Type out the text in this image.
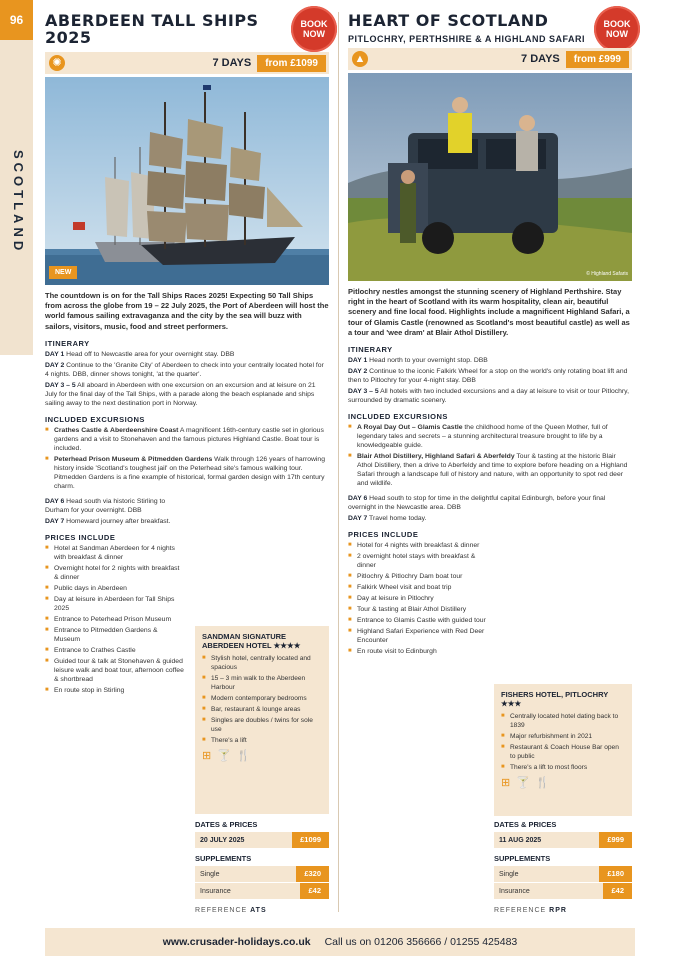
96
SCOTLAND
ABERDEEN TALL SHIPS 2025
BOOK
NOW
✺	7 DAYS	from £1099
NEW
The countdown is on for the Tall Ships Races 2025! Expecting 50 Tall Ships from across the globe from 19 – 22 July 2025, the Port of Aberdeen will host the world famous sailing extravaganza and the city by the sea will buzz with sailors, visitors, music, food and street performers.
ITINERARY
DAY 1 Head off to Newcastle area for your overnight stay. DBB
DAY 2 Continue to the 'Granite City' of Aberdeen to check into your centrally located hotel for 4 nights. DBB, dinner shows tonight, 'at the quarter'.
DAY 3 – 5 All aboard in Aberdeen with one excursion on an excursion and at leisure on 21 July for the final day of the Tall Ships, with a parade along the beach esplanade and ships sailing away to the next destination port in Norway.
INCLUDED EXCURSIONS
■ Crathes Castle & Aberdeenshire Coast A magnificent 16th-century castle set in glorious gardens and a visit to Stonehaven and the famous pictures Highland Castle. Boat tour is included.
■ Peterhead Prison Museum & Pitmedden Gardens Walk through 126 years of harrowing history inside 'Scotland's toughest jail' on the Peterhead site's famous walking tour. Pitmedden Gardens is a fine example of historical, formal garden design with 17th century charm.
DAY 6 Head south via historic Stirling to Durham for your overnight. DBB
DAY 7 Homeward journey after breakfast.
PRICES INCLUDE
■ Hotel at Sandman Aberdeen for 4 nights with breakfast & dinner
■ Overnight hotel for 2 nights with breakfast & dinner
■ Public days in Aberdeen
■ Day at leisure in Aberdeen for Tall Ships 2025
■ Entrance to Peterhead Prison Museum
■ Entrance to Pitmedden Gardens & Museum
■ Entrance to Crathes Castle
■ Guided tour & talk at Stonehaven & guided leisure walk and boat tour, afternoon coffee & shortbread
■ En route stop in Stirling
SANDMAN SIGNATURE ABERDEEN HOTEL ★★★★
■ Stylish hotel, centrally located and spacious
■ 15 – 3 min walk to the Aberdeen Harbour
■ Modern contemporary bedrooms
■ Bar, restaurant & lounge areas
■ Singles are doubles / twins for sole use
■ There's a lift
⊞🍸🍴
DATES & PRICES
20 JULY 2025	£1099
SUPPLEMENTS
Single	£320
Insurance	£42
REFERENCE ATS
HEART OF SCOTLAND
PITLOCHRY, PERTHSHIRE & A HIGHLAND SAFARI
BOOK
NOW
▲	7 DAYS	from £999
© Highland Safaris
Pitlochry nestles amongst the stunning scenery of Highland Perthshire. Stay right in the heart of Scotland with its warm hospitality, clean air, beautiful scenery and fine local food. Highlights include a magnificent Highland Safari, a tour of Glamis Castle (renowned as Scotland's most beautiful castle) as well as a tour and 'wee dram' at Blair Athol Distillery.
ITINERARY
DAY 1 Head north to your overnight stop. DBB
DAY 2 Continue to the iconic Falkirk Wheel for a stop on the world's only rotating boat lift and then to Pitlochry for your 4-night stay. DBB
DAY 3 – 5 All hotels with two included excursions and a day at leisure to visit or tour Pitlochry, surrounded by dramatic scenery.
INCLUDED EXCURSIONS
■ A Royal Day Out – Glamis Castle the childhood home of the Queen Mother, full of legendary tales and secrets – a stunning architectural treasure brought to life by a knowledgeable guide.
■ Blair Athol Distillery, Highland Safari & Aberfeldy Tour & tasting at the historic Blair Athol Distillery, then a drive to Aberfeldy and time to explore before heading on a Highland Safari through a landscape full of history and nature, with an opportunity to spot red deer and wildlife.
DAY 6 Head south to stop for time in the delightful capital Edinburgh, before your final overnight in the Newcastle area. DBB
DAY 7 Travel home today.
PRICES INCLUDE
■ Hotel for 4 nights with breakfast & dinner
■ 2 overnight hotel stays with breakfast & dinner
■ Pitlochry & Pitlochry Dam boat tour
■ Falkirk Wheel visit and boat trip
■ Day at leisure in Pitlochry
■ Tour & tasting at Blair Athol Distillery
■ Entrance to Glamis Castle with guided tour
■ Highland Safari Experience with Red Deer Encounter
■ En route visit to Edinburgh
FISHERS HOTEL, PITLOCHRY ★★★
■ Centrally located hotel dating back to 1839
■ Major refurbishment in 2021
■ Restaurant & Coach House Bar open to public
■ There's a lift to most floors
⊞🍸🍴
DATES & PRICES
11 AUG 2025	£999
SUPPLEMENTS
Single	£180
Insurance	£42
REFERENCE RPR
www.crusader-holidays.co.uk Call us on 01206 356666 / 01255 425483
